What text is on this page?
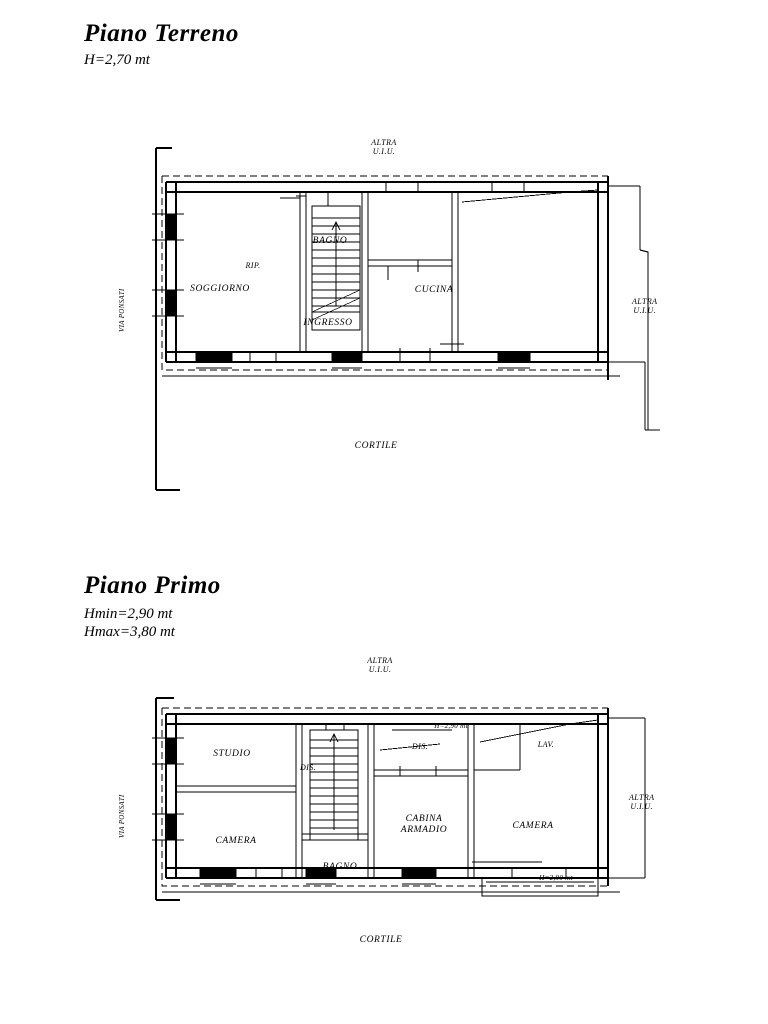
Piano Terreno
H=2,70 mt
ALTRA
U.I.U.
ALTRA
U.I.U.
VIA PONSATI	SOGGIORNO
RIP.
BAGNO
INGRESSO
CUCINA
CORTILE
Piano Primo
Hmin=2,90 mt
Hmax=3,80 mt
ALTRA
U.I.U.
ALTRA
U.I.U.
VIA PONSATI
STUDIO
DIS.
CAMERA
BAGNO
DIS.
CABINA
ARMADIO
LAV.
CAMERA
H=2,90 mt
H=2,90 mt
CORTILE
